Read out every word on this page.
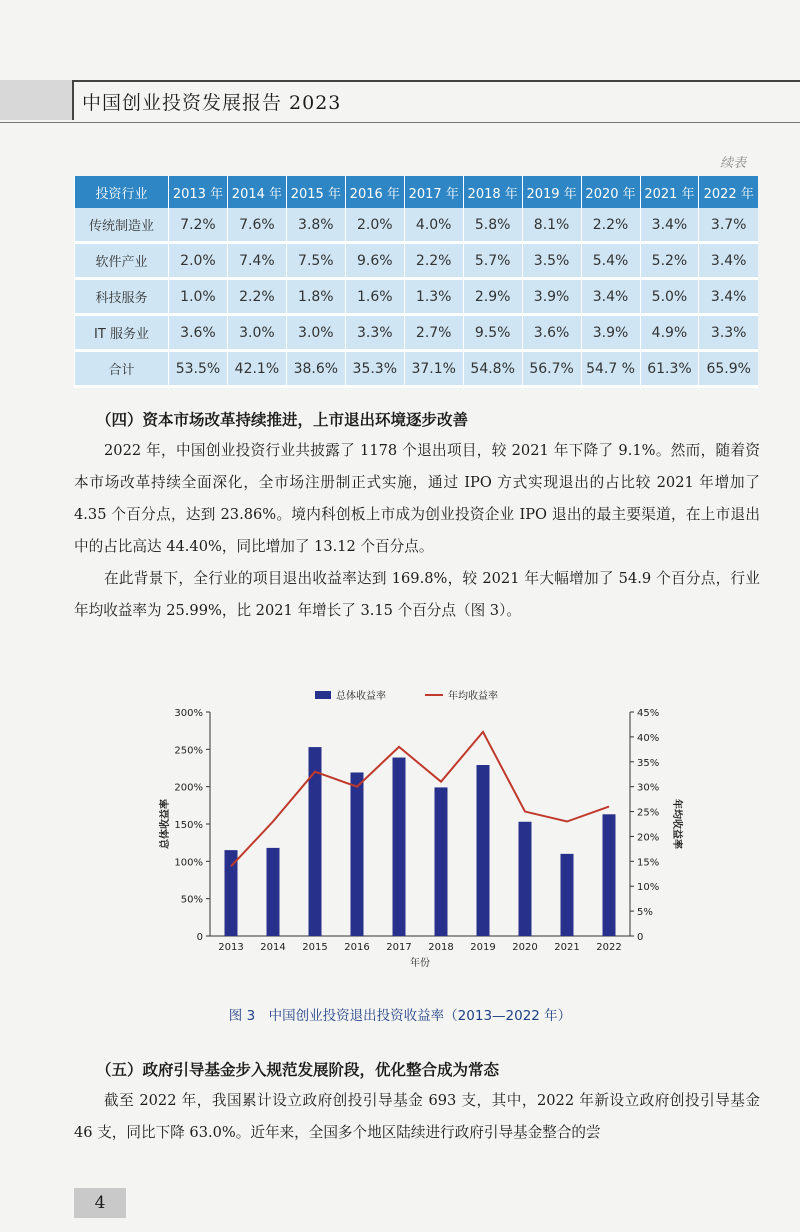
中国创业投资发展报告 2023
续表
投资行业	2013 年	2014 年	2015 年	2016 年	2017 年	2018 年	2019 年	2020 年	2021 年	2022 年
传统制造业	7.2%	7.6%	3.8%	2.0%	4.0%	5.8%	8.1%	2.2%	3.4%	3.7%
软件产业	2.0%	7.4%	7.5%	9.6%	2.2%	5.7%	3.5%	5.4%	5.2%	3.4%
科技服务	1.0%	2.2%	1.8%	1.6%	1.3%	2.9%	3.9%	3.4%	5.0%	3.4%
IT 服务业	3.6%	3.0%	3.0%	3.3%	2.7%	9.5%	3.6%	3.9%	4.9%	3.3%
合计	53.5%	42.1%	38.6%	35.3%	37.1%	54.8%	56.7%	54.7 %	61.3%	65.9%
（四）资本市场改革持续推进，上市退出环境逐步改善
2022 年，中国创业投资行业共披露了 1178 个退出项目，较 2021 年下降了 9.1%。然而，随着资本市场改革持续全面深化，全市场注册制正式实施，通过 IPO 方式实现退出的占比较 2021 年增加了 4.35 个百分点，达到 23.86%。境内科创板上市成为创业投资企业 IPO 退出的最主要渠道，在上市退出中的占比高达 44.40%，同比增加了 13.12 个百分点。
在此背景下，全行业的项目退出收益率达到 169.8%，较 2021 年大幅增加了 54.9 个百分点，行业年均收益率为 25.99%，比 2021 年增长了 3.15 个百分点（图 3）。
0
50%
100%
150%
200%
250%
300%
0
5%
10%
15%
20%
25%
30%
35%
40%
45%
2013 2014 2015 2016 2017 2018 2019 2020 2021 2022
年份
总体收益率	年均收益率
总体收益率	年均收益率
图 3　中国创业投资退出投资收益率（2013—2022 年）
（五）政府引导基金步入规范发展阶段，优化整合成为常态
截至 2022 年，我国累计设立政府创投引导基金 693 支，其中，2022 年新设立政府创投引导基金 46 支，同比下降 63.0%。近年来，全国多个地区陆续进行政府引导基金整合的尝
4
